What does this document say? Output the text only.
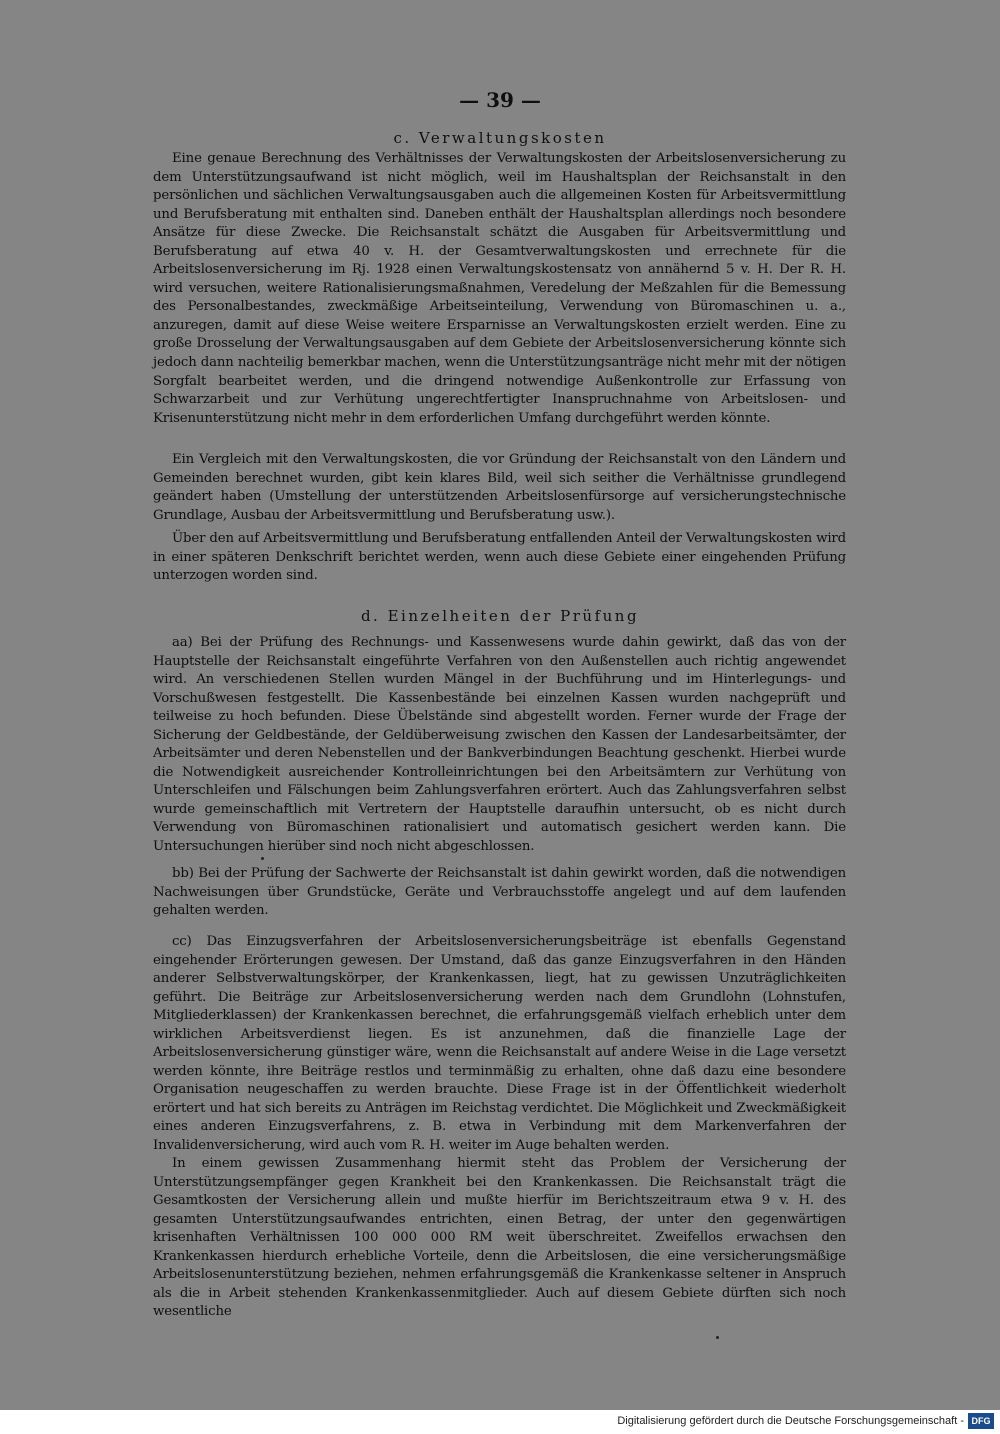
— 39 —
c. Verwaltungskosten

Eine genaue Berechnung des Verhältnisses der Verwaltungskosten der Arbeitslosenversicherung zu dem Unterstützungsaufwand ist nicht möglich, weil im Haushaltsplan der Reichsanstalt in den persönlichen und sächlichen Verwaltungsausgaben auch die allgemeinen Kosten für Arbeitsvermittlung und Berufsberatung mit enthalten sind. Daneben enthält der Haushaltsplan allerdings noch besondere Ansätze für diese Zwecke. Die Reichsanstalt schätzt die Ausgaben für Arbeitsvermittlung und Berufsberatung auf etwa 40 v. H. der Gesamtverwaltungskosten und errechnete für die Arbeitslosenversicherung im Rj. 1928 einen Verwaltungskostensatz von annähernd 5 v. H. Der R. H. wird versuchen, weitere Rationalisierungsmaßnahmen, Veredelung der Meßzahlen für die Bemessung des Personalbestandes, zweckmäßige Arbeitseinteilung, Verwendung von Büromaschinen u. a., anzuregen, damit auf diese Weise weitere Ersparnisse an Verwaltungskosten erzielt werden. Eine zu große Drosselung der Verwaltungsausgaben auf dem Gebiete der Arbeitslosenversicherung könnte sich jedoch dann nachteilig bemerkbar machen, wenn die Unterstützungsanträge nicht mehr mit der nötigen Sorgfalt bearbeitet werden, und die dringend notwendige Außenkontrolle zur Erfassung von Schwarzarbeit und zur Verhütung ungerechtfertigter Inanspruchnahme von Arbeitslosen- und Krisenunterstützung nicht mehr in dem erforderlichen Umfang durchgeführt werden könnte.

Ein Vergleich mit den Verwaltungskosten, die vor Gründung der Reichsanstalt von den Ländern und Gemeinden berechnet wurden, gibt kein klares Bild, weil sich seither die Verhältnisse grundlegend geändert haben (Umstellung der unterstützenden Arbeitslosenfürsorge auf versicherungstechnische Grundlage, Ausbau der Arbeitsvermittlung und Berufsberatung usw.).

Über den auf Arbeitsvermittlung und Berufsberatung entfallenden Anteil der Verwaltungskosten wird in einer späteren Denkschrift berichtet werden, wenn auch diese Gebiete einer eingehenden Prüfung unterzogen worden sind.

d. Einzelheiten der Prüfung

aa) Bei der Prüfung des Rechnungs- und Kassenwesens wurde dahin gewirkt, daß das von der Hauptstelle der Reichsanstalt eingeführte Verfahren von den Außenstellen auch richtig angewendet wird. An verschiedenen Stellen wurden Mängel in der Buchführung und im Hinterlegungs- und Vorschußwesen festgestellt. Die Kassenbestände bei einzelnen Kassen wurden nachgeprüft und teilweise zu hoch befunden. Diese Übelstände sind abgestellt worden. Ferner wurde der Frage der Sicherung der Geldbestände, der Geldüberweisung zwischen den Kassen der Landesarbeitsämter, der Arbeitsämter und deren Nebenstellen und der Bankverbindungen Beachtung geschenkt. Hierbei wurde die Notwendigkeit ausreichender Kontrolleinrichtungen bei den Arbeitsämtern zur Verhütung von Unterschleifen und Fälschungen beim Zahlungsverfahren erörtert. Auch das Zahlungsverfahren selbst wurde gemeinschaftlich mit Vertretern der Hauptstelle daraufhin untersucht, ob es nicht durch Verwendung von Büromaschinen rationalisiert und automatisch gesichert werden kann. Die Untersuchungen hierüber sind noch nicht abgeschlossen.

bb) Bei der Prüfung der Sachwerte der Reichsanstalt ist dahin gewirkt worden, daß die notwendigen Nachweisungen über Grundstücke, Geräte und Verbrauchsstoffe angelegt und auf dem laufenden gehalten werden.

cc) Das Einzugsverfahren der Arbeitslosenversicherungsbeiträge ist ebenfalls Gegenstand eingehender Erörterungen gewesen. Der Umstand, daß das ganze Einzugsverfahren in den Händen anderer Selbstverwaltungskörper, der Krankenkassen, liegt, hat zu gewissen Unzuträglichkeiten geführt. Die Beiträge zur Arbeitslosenversicherung werden nach dem Grundlohn (Lohnstufen, Mitgliederklassen) der Krankenkassen berechnet, die erfahrungsgemäß vielfach erheblich unter dem wirklichen Arbeitsverdienst liegen. Es ist anzunehmen, daß die finanzielle Lage der Arbeitslosenversicherung günstiger wäre, wenn die Reichsanstalt auf andere Weise in die Lage versetzt werden könnte, ihre Beiträge restlos und terminmäßig zu erhalten, ohne daß dazu eine besondere Organisation neugeschaffen zu werden brauchte. Diese Frage ist in der Öffentlichkeit wiederholt erörtert und hat sich bereits zu Anträgen im Reichstag verdichtet. Die Möglichkeit und Zweckmäßigkeit eines anderen Einzugsverfahrens, z. B. etwa in Verbindung mit dem Markenverfahren der Invalidenversicherung, wird auch vom R. H. weiter im Auge behalten werden.

In einem gewissen Zusammenhang hiermit steht das Problem der Versicherung der Unterstützungsempfänger gegen Krankheit bei den Krankenkassen. Die Reichsanstalt trägt die Gesamtkosten der Versicherung allein und mußte hierfür im Berichtszeitraum etwa 9 v. H. des gesamten Unterstützungsaufwandes entrichten, einen Betrag, der unter den gegenwärtigen krisenhaften Verhältnissen 100 000 000 RM weit überschreitet. Zweifellos erwachsen den Krankenkassen hierdurch erhebliche Vorteile, denn die Arbeitslosen, die eine versicherungsmäßige Arbeitslosenunterstützung beziehen, nehmen erfahrungsgemäß die Krankenkasse seltener in Anspruch als die in Arbeit stehenden Krankenkassenmitglieder. Auch auf diesem Gebiete dürften sich noch wesentliche

Digitalisierung gefördert durch die Deutsche Forschungsgemeinschaft - DFG
